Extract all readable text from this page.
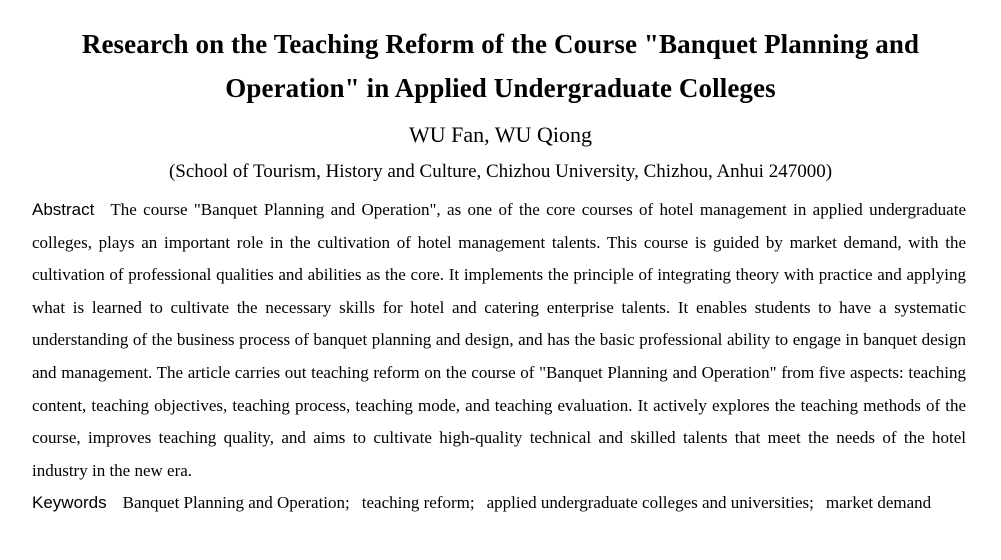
Research on the Teaching Reform of the Course "Banquet Planning and Operation" in Applied Undergraduate Colleges
WU Fan, WU Qiong
(School of Tourism, History and Culture, Chizhou University, Chizhou, Anhui 247000)
Abstract The course "Banquet Planning and Operation", as one of the core courses of hotel management in applied undergraduate colleges, plays an important role in the cultivation of hotel management talents. This course is guided by market demand, with the cultivation of professional qualities and abilities as the core. It implements the principle of integrating theory with practice and applying what is learned to cultivate the necessary skills for hotel and catering enterprise talents. It enables students to have a systematic understanding of the business process of banquet planning and design, and has the basic professional ability to engage in banquet design and management. The article carries out teaching reform on the course of "Banquet Planning and Operation" from five aspects: teaching content, teaching objectives, teaching process, teaching mode, and teaching evaluation. It actively explores the teaching methods of the course, improves teaching quality, and aims to cultivate high-quality technical and skilled talents that meet the needs of the hotel industry in the new era.
Keywords Banquet Planning and Operation; teaching reform; applied undergraduate colleges and universities; market demand
